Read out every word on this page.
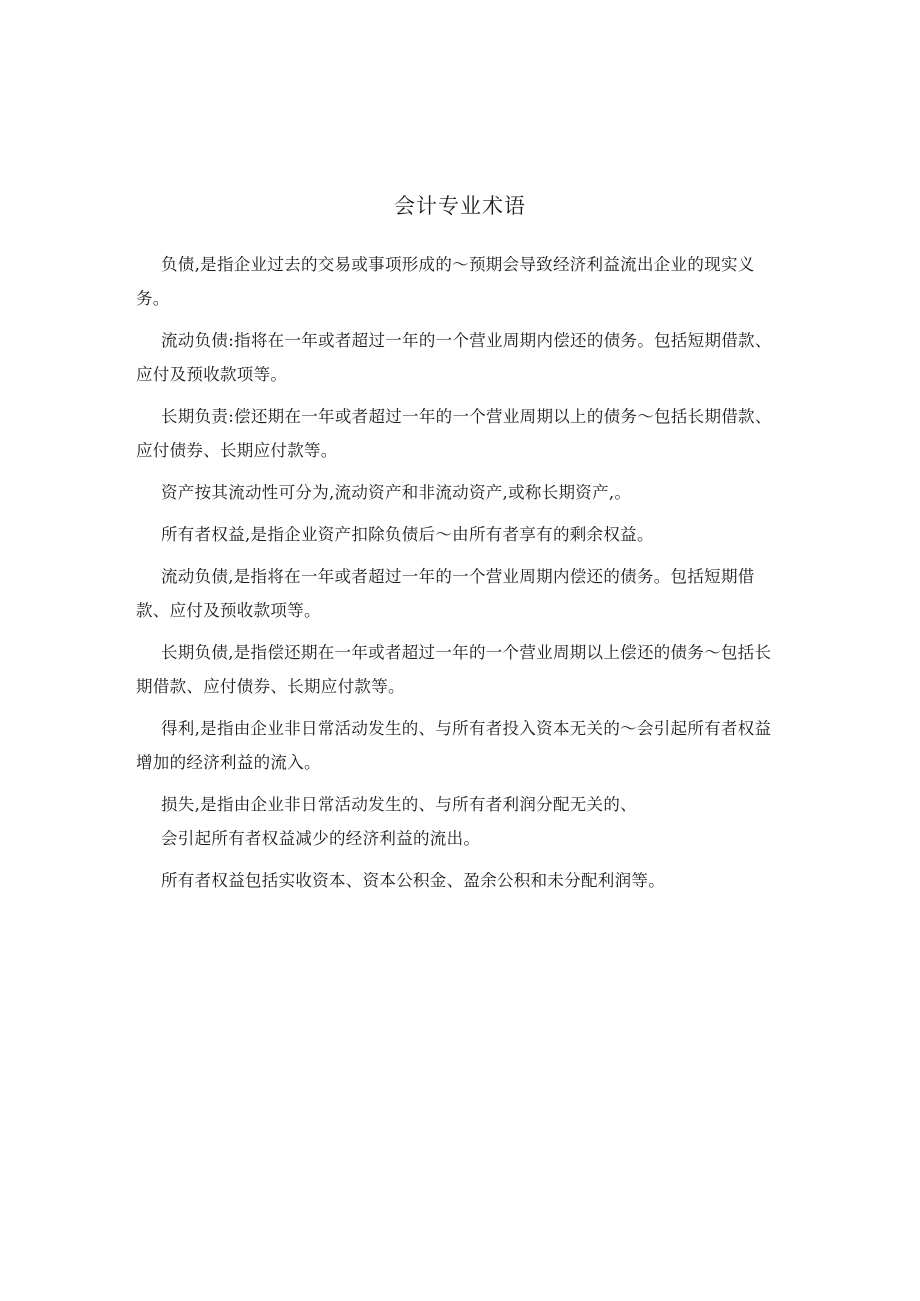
会计专业术语

负债,是指企业过去的交易或事项形成的～预期会导致经济利益流出企业的现实义务。

流动负债:指将在一年或者超过一年的一个营业周期内偿还的债务。包括短期借款、应付及预收款项等。

长期负责:偿还期在一年或者超过一年的一个营业周期以上的债务～包括长期借款、应付债券、长期应付款等。

资产按其流动性可分为,流动资产和非流动资产,或称长期资产,。

所有者权益,是指企业资产扣除负债后～由所有者享有的剩余权益。

流动负债,是指将在一年或者超过一年的一个营业周期内偿还的债务。包括短期借款、应付及预收款项等。

长期负债,是指偿还期在一年或者超过一年的一个营业周期以上偿还的债务～包括长期借款、应付债券、长期应付款等。

得利,是指由企业非日常活动发生的、与所有者投入资本无关的～会引起所有者权益增加的经济利益的流入。

损失,是指由企业非日常活动发生的、与所有者利润分配无关的、

会引起所有者权益减少的经济利益的流出。

所有者权益包括实收资本、资本公积金、盈余公积和未分配利润等。
